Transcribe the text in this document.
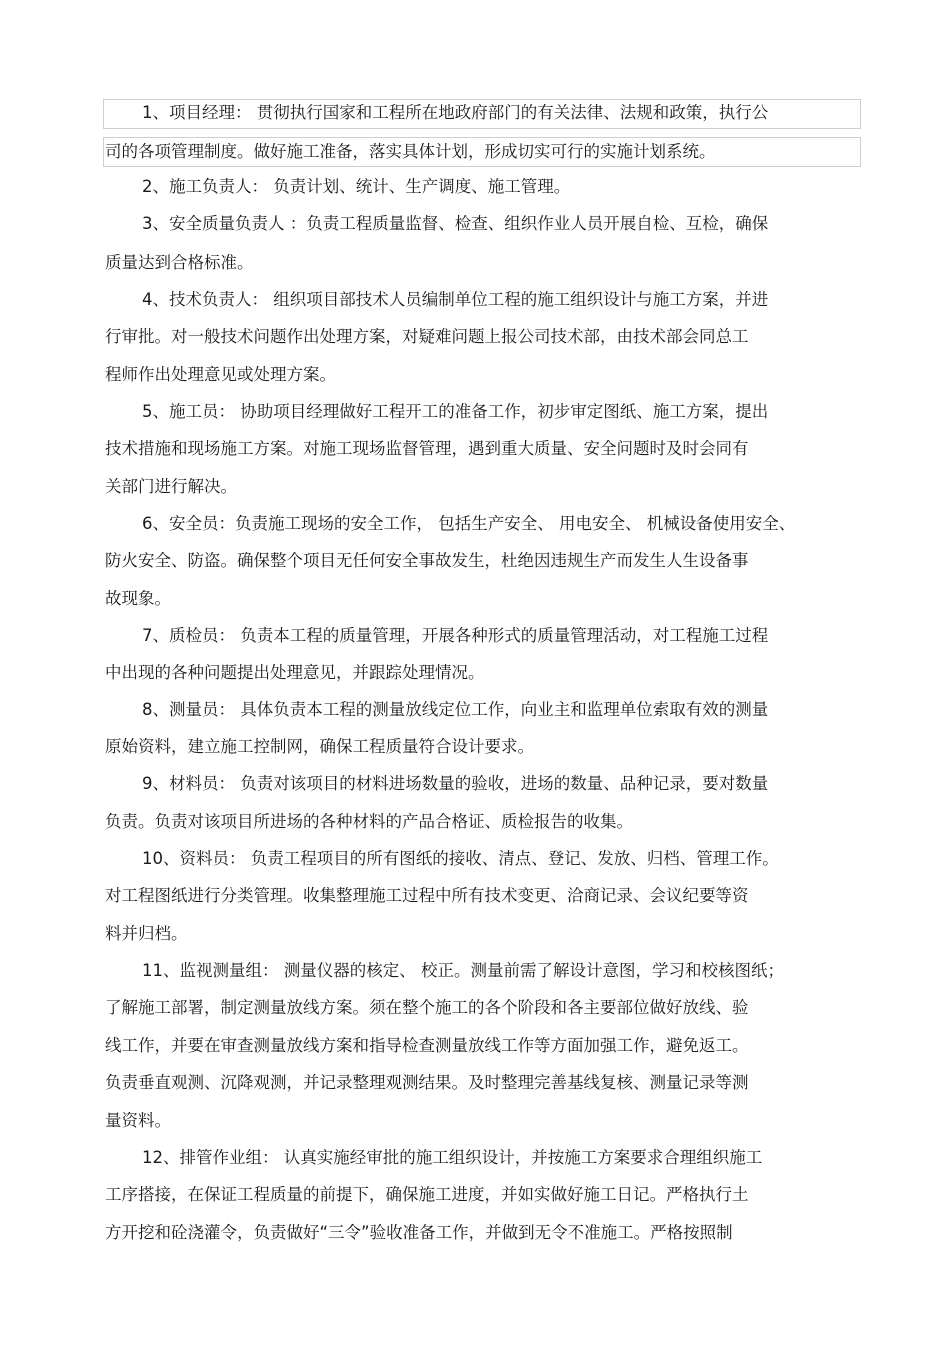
1、项目经理： 贯彻执行国家和工程所在地政府部门的有关法律、法规和政策，执行公
司的各项管理制度。做好施工准备，落实具体计划，形成切实可行的实施计划系统。
2、施工负责人： 负责计划、统计、生产调度、施工管理。
3、安全质量负责人 ：负责工程质量监督、检查、组织作业人员开展自检、互检，确保
质量达到合格标准。
4、技术负责人： 组织项目部技术人员编制单位工程的施工组织设计与施工方案，并进
行审批。对一般技术问题作出处理方案，对疑难问题上报公司技术部，由技术部会同总工
程师作出处理意见或处理方案。
5、施工员： 协助项目经理做好工程开工的准备工作，初步审定图纸、施工方案，提出
技术措施和现场施工方案。对施工现场监督管理，遇到重大质量、安全问题时及时会同有
关部门进行解决。
6、安全员：负责施工现场的安全工作， 包括生产安全、 用电安全、 机械设备使用安全、
防火安全、防盗。确保整个项目无任何安全事故发生，杜绝因违规生产而发生人生设备事
故现象。
7、质检员： 负责本工程的质量管理，开展各种形式的质量管理活动，对工程施工过程
中出现的各种问题提出处理意见，并跟踪处理情况。
8、测量员： 具体负责本工程的测量放线定位工作，向业主和监理单位索取有效的测量
原始资料，建立施工控制网，确保工程质量符合设计要求。
9、材料员： 负责对该项目的材料进场数量的验收，进场的数量、品种记录，要对数量
负责。负责对该项目所进场的各种材料的产品合格证、质检报告的收集。
10、资料员： 负责工程项目的所有图纸的接收、清点、登记、发放、归档、管理工作。
对工程图纸进行分类管理。收集整理施工过程中所有技术变更、洽商记录、会议纪要等资
料并归档。
11、监视测量组： 测量仪器的核定、 校正。测量前需了解设计意图，学习和校核图纸；
了解施工部署，制定测量放线方案。须在整个施工的各个阶段和各主要部位做好放线、验
线工作，并要在审查测量放线方案和指导检查测量放线工作等方面加强工作，避免返工。
负责垂直观测、沉降观测，并记录整理观测结果。及时整理完善基线复核、测量记录等测
量资料。
12、排管作业组： 认真实施经审批的施工组织设计，并按施工方案要求合理组织施工
工序搭接，在保证工程质量的前提下，确保施工进度，并如实做好施工日记。严格执行土
方开挖和砼浇灌令，负责做好“三令”验收准备工作，并做到无令不准施工。严格按照制
